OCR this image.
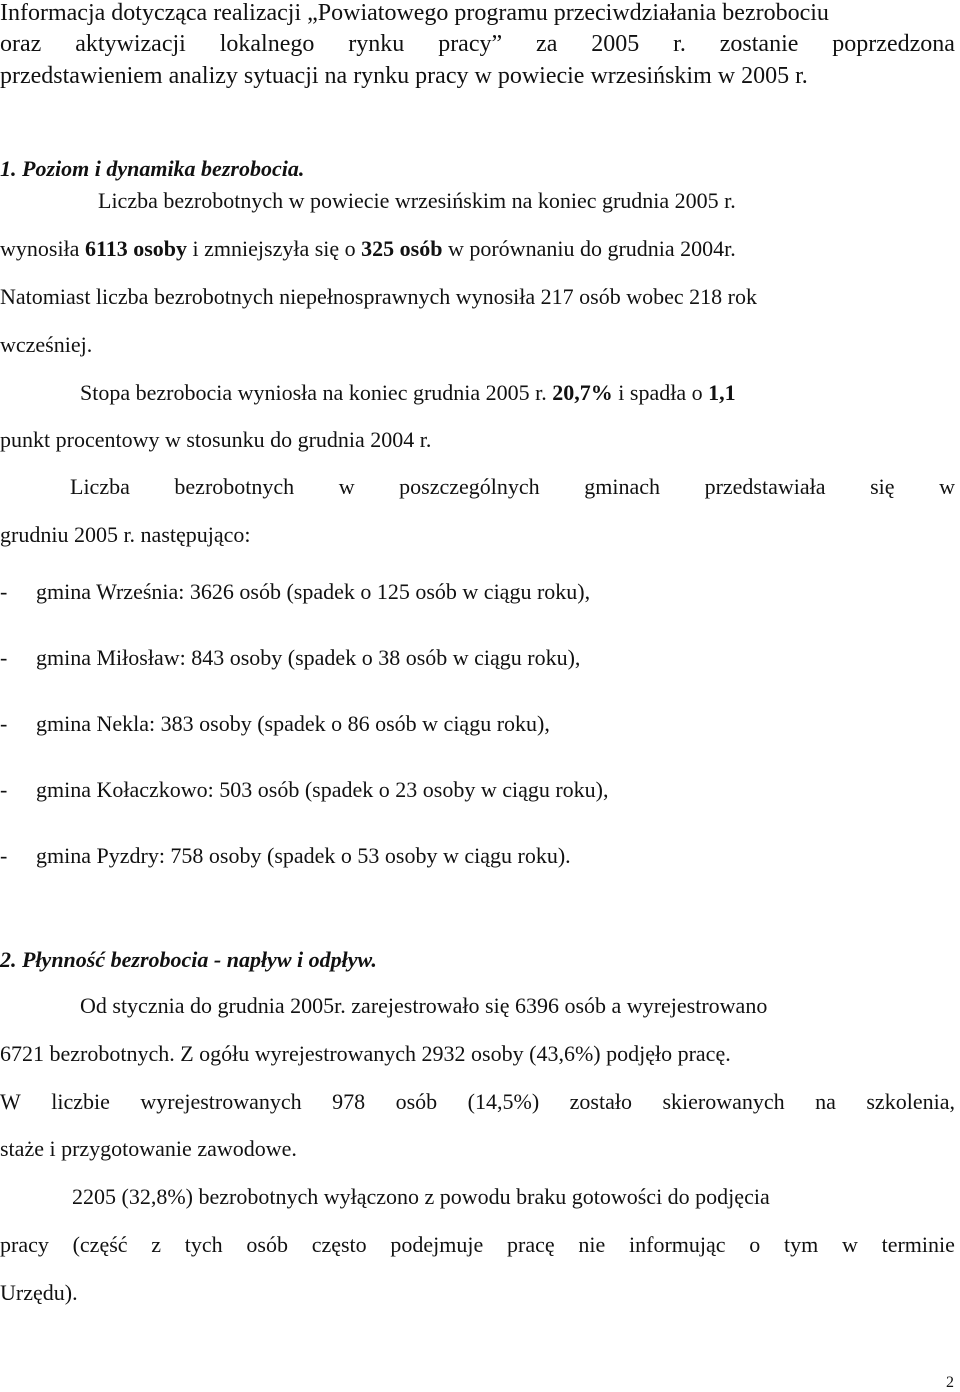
Informacja dotycząca realizacji „Powiatowego programu przeciwdziałania bezrobociu
oraz aktywizacji lokalnego rynku pracy” za 2005 r. zostanie poprzedzona
przedstawieniem analizy sytuacji na rynku pracy w powiecie wrzesińskim w 2005 r.
1. Poziom i dynamika bezrobocia.
Liczba bezrobotnych w powiecie wrzesińskim na koniec grudnia 2005 r.
wynosiła 6113 osoby i zmniejszyła się o 325 osób w porównaniu do grudnia 2004r.
Natomiast liczba bezrobotnych niepełnosprawnych wynosiła 217 osób wobec 218 rok
wcześniej.
Stopa bezrobocia wyniosła na koniec grudnia 2005 r. 20,7% i spadła o 1,1
punkt procentowy w stosunku do grudnia 2004 r.
Liczba bezrobotnych w poszczególnych gminach przedstawiała się w
grudniu 2005 r. następująco:
- gmina Września: 3626 osób (spadek o 125 osób w ciągu roku),
- gmina Miłosław: 843 osoby (spadek o 38 osób w ciągu roku),
- gmina Nekla: 383 osoby (spadek o 86 osób w ciągu roku),
- gmina Kołaczkowo: 503 osób (spadek o 23 osoby w ciągu roku),
- gmina Pyzdry: 758 osoby (spadek o 53 osoby w ciągu roku).
2. Płynność bezrobocia - napływ i odpływ.
Od stycznia do grudnia 2005r. zarejestrowało się 6396 osób a wyrejestrowano
6721 bezrobotnych. Z ogółu wyrejestrowanych 2932 osoby (43,6%) podjęło pracę.
W liczbie wyrejestrowanych 978 osób (14,5%) zostało skierowanych na szkolenia,
staże i przygotowanie zawodowe.
2205 (32,8%) bezrobotnych wyłączono z powodu braku gotowości do podjęcia
pracy (część z tych osób często podejmuje pracę nie informując o tym w terminie
Urzędu).
2
